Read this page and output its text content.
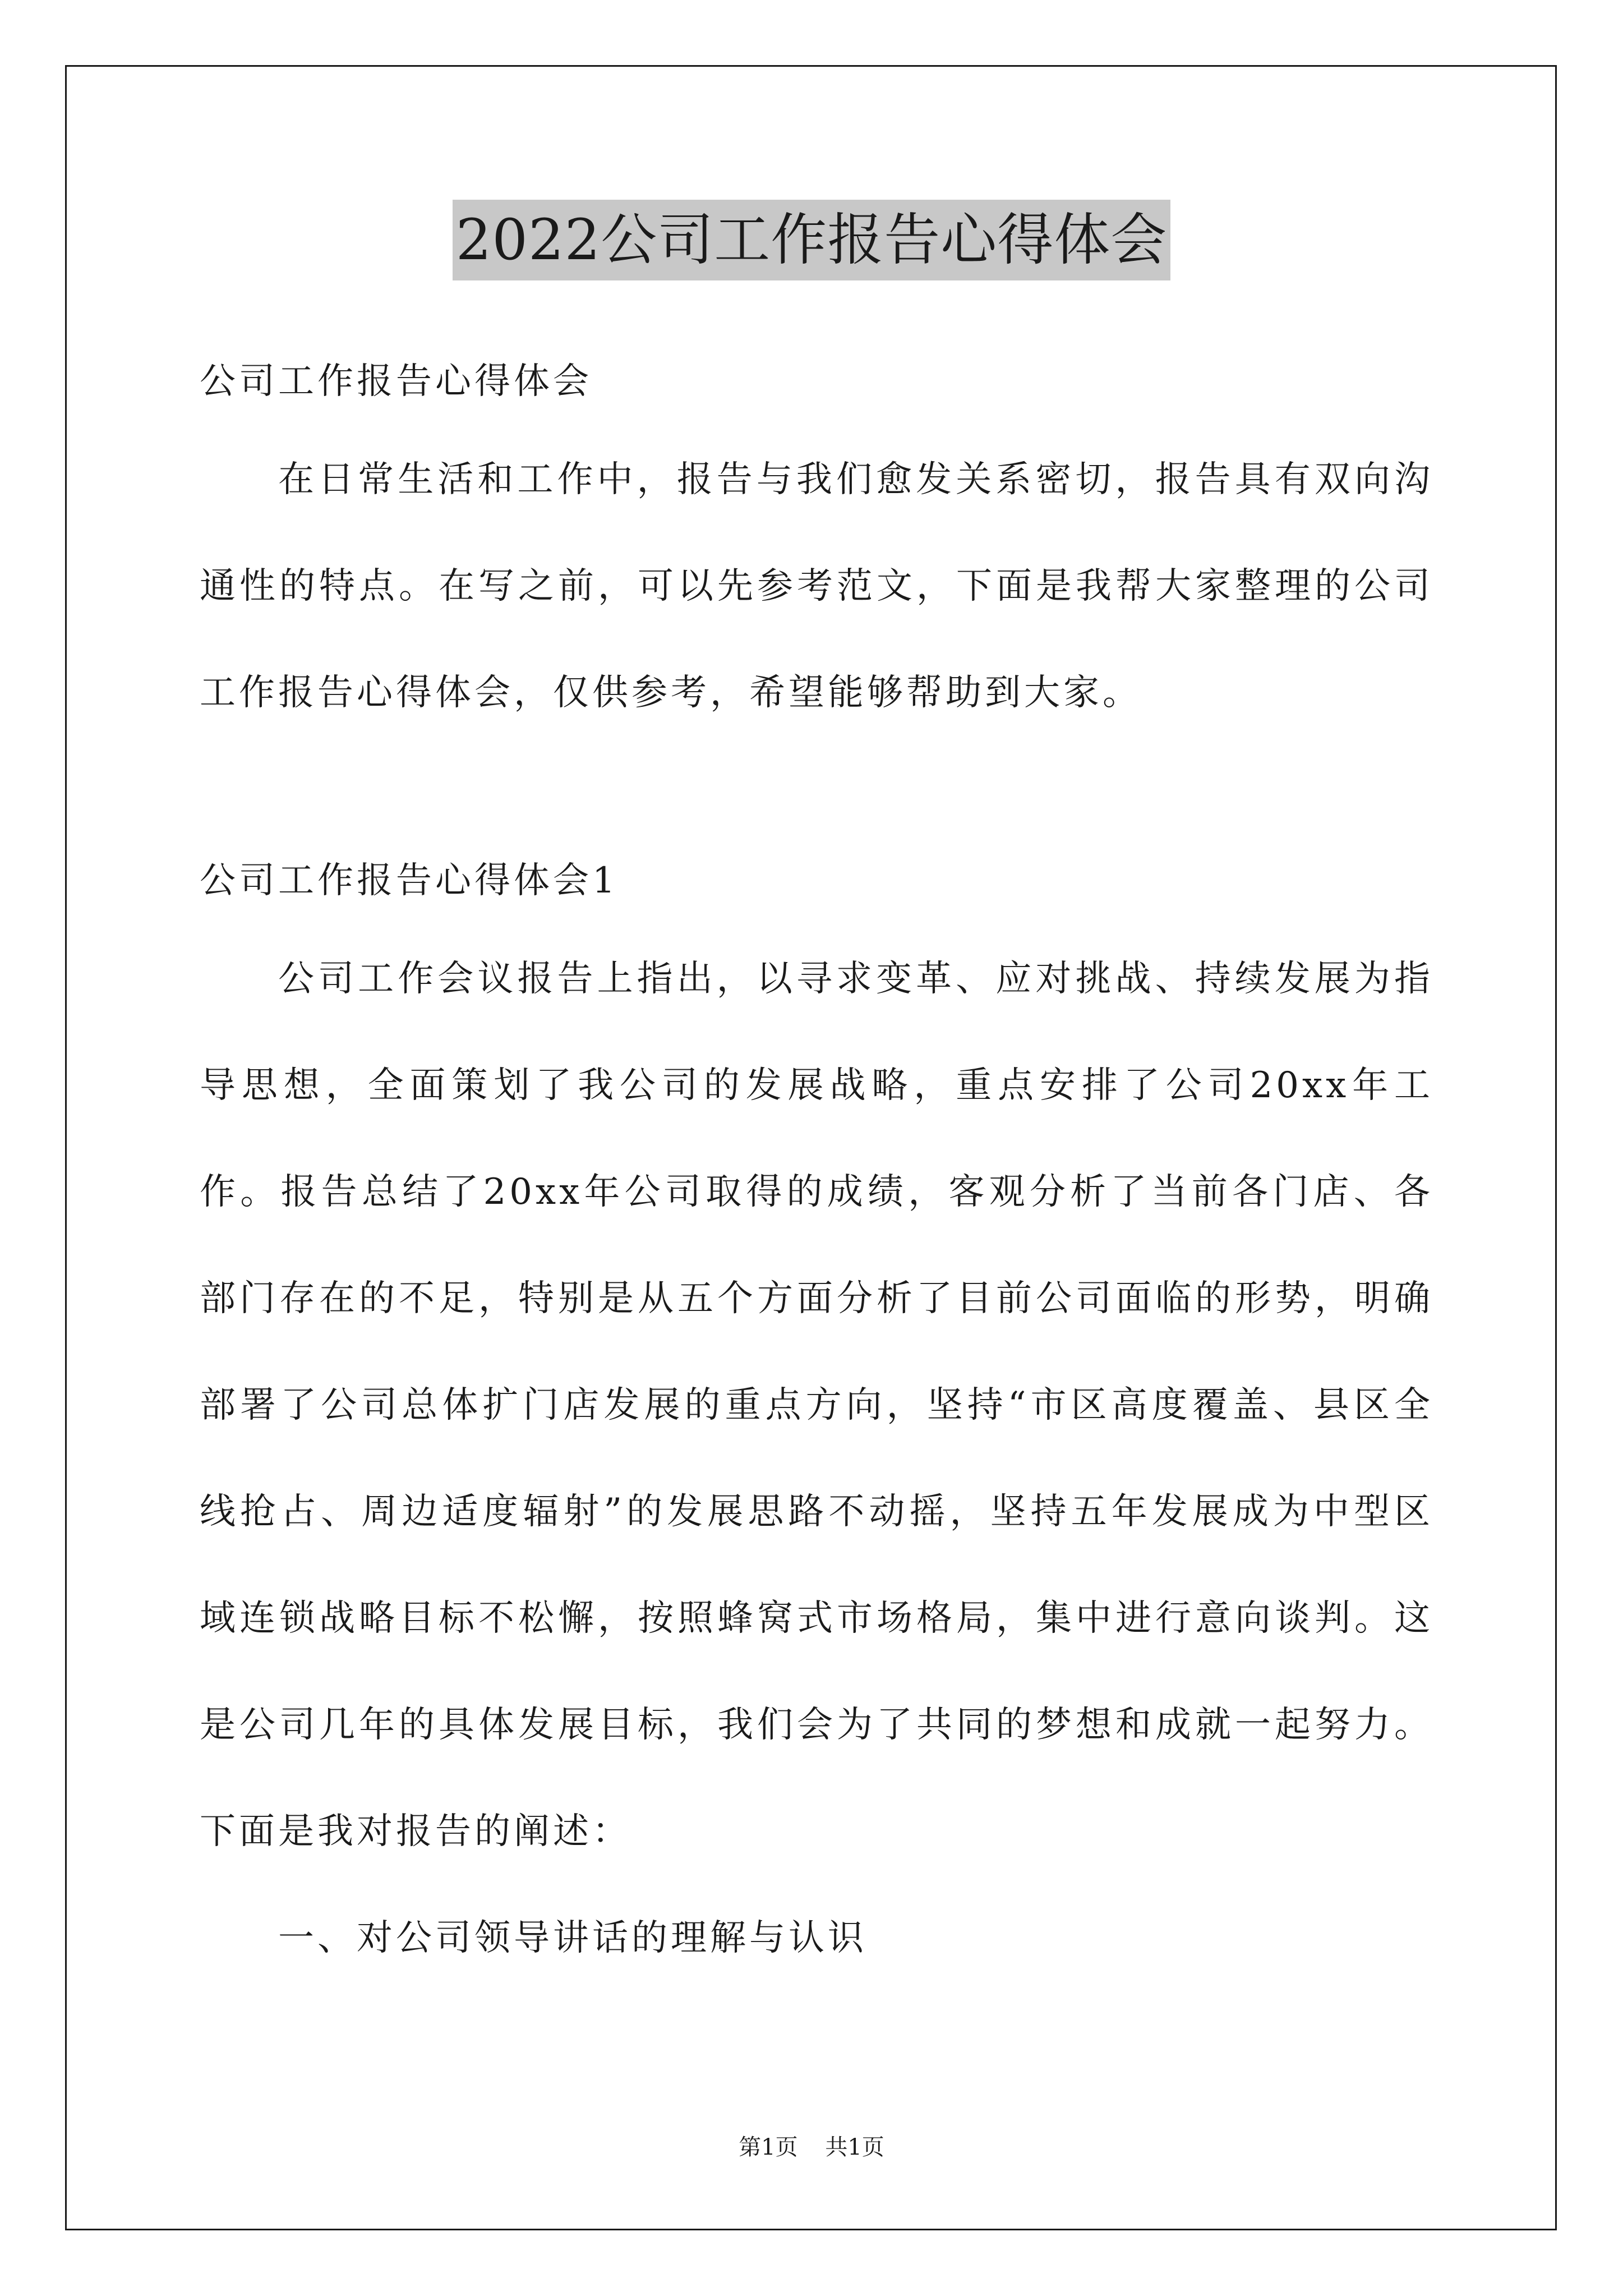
2022公司工作报告心得体会

公司工作报告心得体会

在日常生活和工作中，报告与我们愈发关系密切，报告具有双向沟通性的特点。在写之前，可以先参考范文，下面是我帮大家整理的公司工作报告心得体会，仅供参考，希望能够帮助到大家。

公司工作报告心得体会1

公司工作会议报告上指出，以寻求变革、应对挑战、持续发展为指导思想，全面策划了我公司的发展战略，重点安排了公司20xx年工作。报告总结了20xx年公司取得的成绩，客观分析了当前各门店、各部门存在的不足，特别是从五个方面分析了目前公司面临的形势，明确部署了公司总体扩门店发展的重点方向，坚持“市区高度覆盖、县区全线抢占、周边适度辐射”的发展思路不动摇，坚持五年发展成为中型区域连锁战略目标不松懈，按照蜂窝式市场格局，集中进行意向谈判。这是公司几年的具体发展目标，我们会为了共同的梦想和成就一起努力。下面是我对报告的阐述：

一、对公司领导讲话的理解与认识

第1页 共1页
